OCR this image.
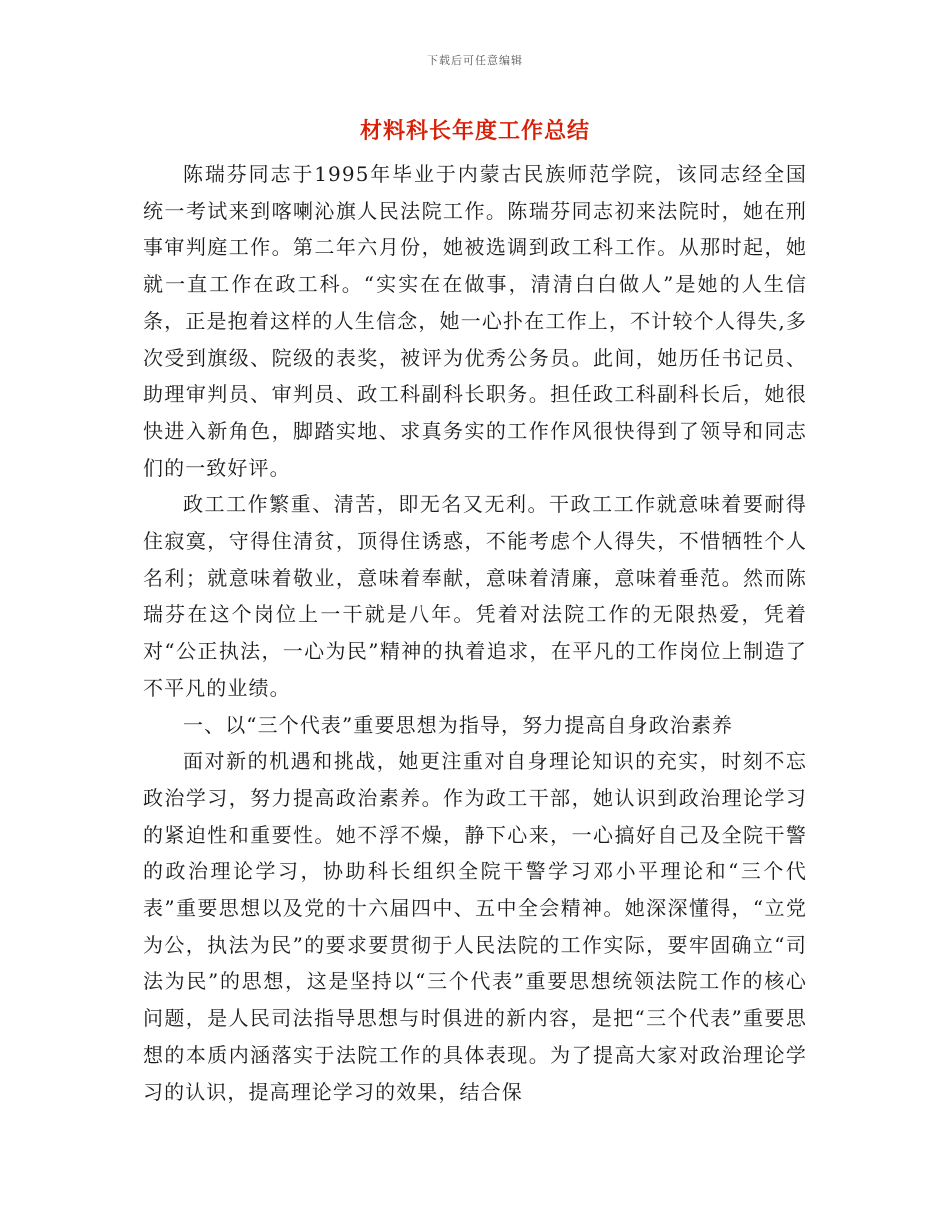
下载后可任意编辑
材料科长年度工作总结

陈瑞芬同志于1995年毕业于内蒙古民族师范学院，该同志经全国统一考试来到喀喇沁旗人民法院工作。陈瑞芬同志初来法院时，她在刑事审判庭工作。第二年六月份，她被选调到政工科工作。从那时起，她就一直工作在政工科。“实实在在做事，清清白白做人”是她的人生信条，正是抱着这样的人生信念，她一心扑在工作上，不计较个人得失,多次受到旗级、院级的表奖，被评为优秀公务员。此间，她历任书记员、助理审判员、审判员、政工科副科长职务。担任政工科副科长后，她很快进入新角色，脚踏实地、求真务实的工作作风很快得到了领导和同志们的一致好评。

政工工作繁重、清苦，即无名又无利。干政工工作就意味着要耐得住寂寞，守得住清贫，顶得住诱惑，不能考虑个人得失，不惜牺牲个人名利；就意味着敬业，意味着奉献，意味着清廉，意味着垂范。然而陈瑞芬在这个岗位上一干就是八年。凭着对法院工作的无限热爱，凭着对“公正执法，一心为民”精神的执着追求，在平凡的工作岗位上制造了不平凡的业绩。

一、以“三个代表”重要思想为指导，努力提高自身政治素养

面对新的机遇和挑战，她更注重对自身理论知识的充实，时刻不忘政治学习，努力提高政治素养。作为政工干部，她认识到政治理论学习的紧迫性和重要性。她不浮不燥，静下心来，一心搞好自己及全院干警的政治理论学习，协助科长组织全院干警学习邓小平理论和“三个代表”重要思想以及党的十六届四中、五中全会精神。她深深懂得，“立党为公，执法为民”的要求要贯彻于人民法院的工作实际，要牢固确立“司法为民”的思想，这是坚持以“三个代表”重要思想统领法院工作的核心问题，是人民司法指导思想与时俱进的新内容，是把“三个代表”重要思想的本质内涵落实于法院工作的具体表现。为了提高大家对政治理论学习的认识，提高理论学习的效果，结合保
